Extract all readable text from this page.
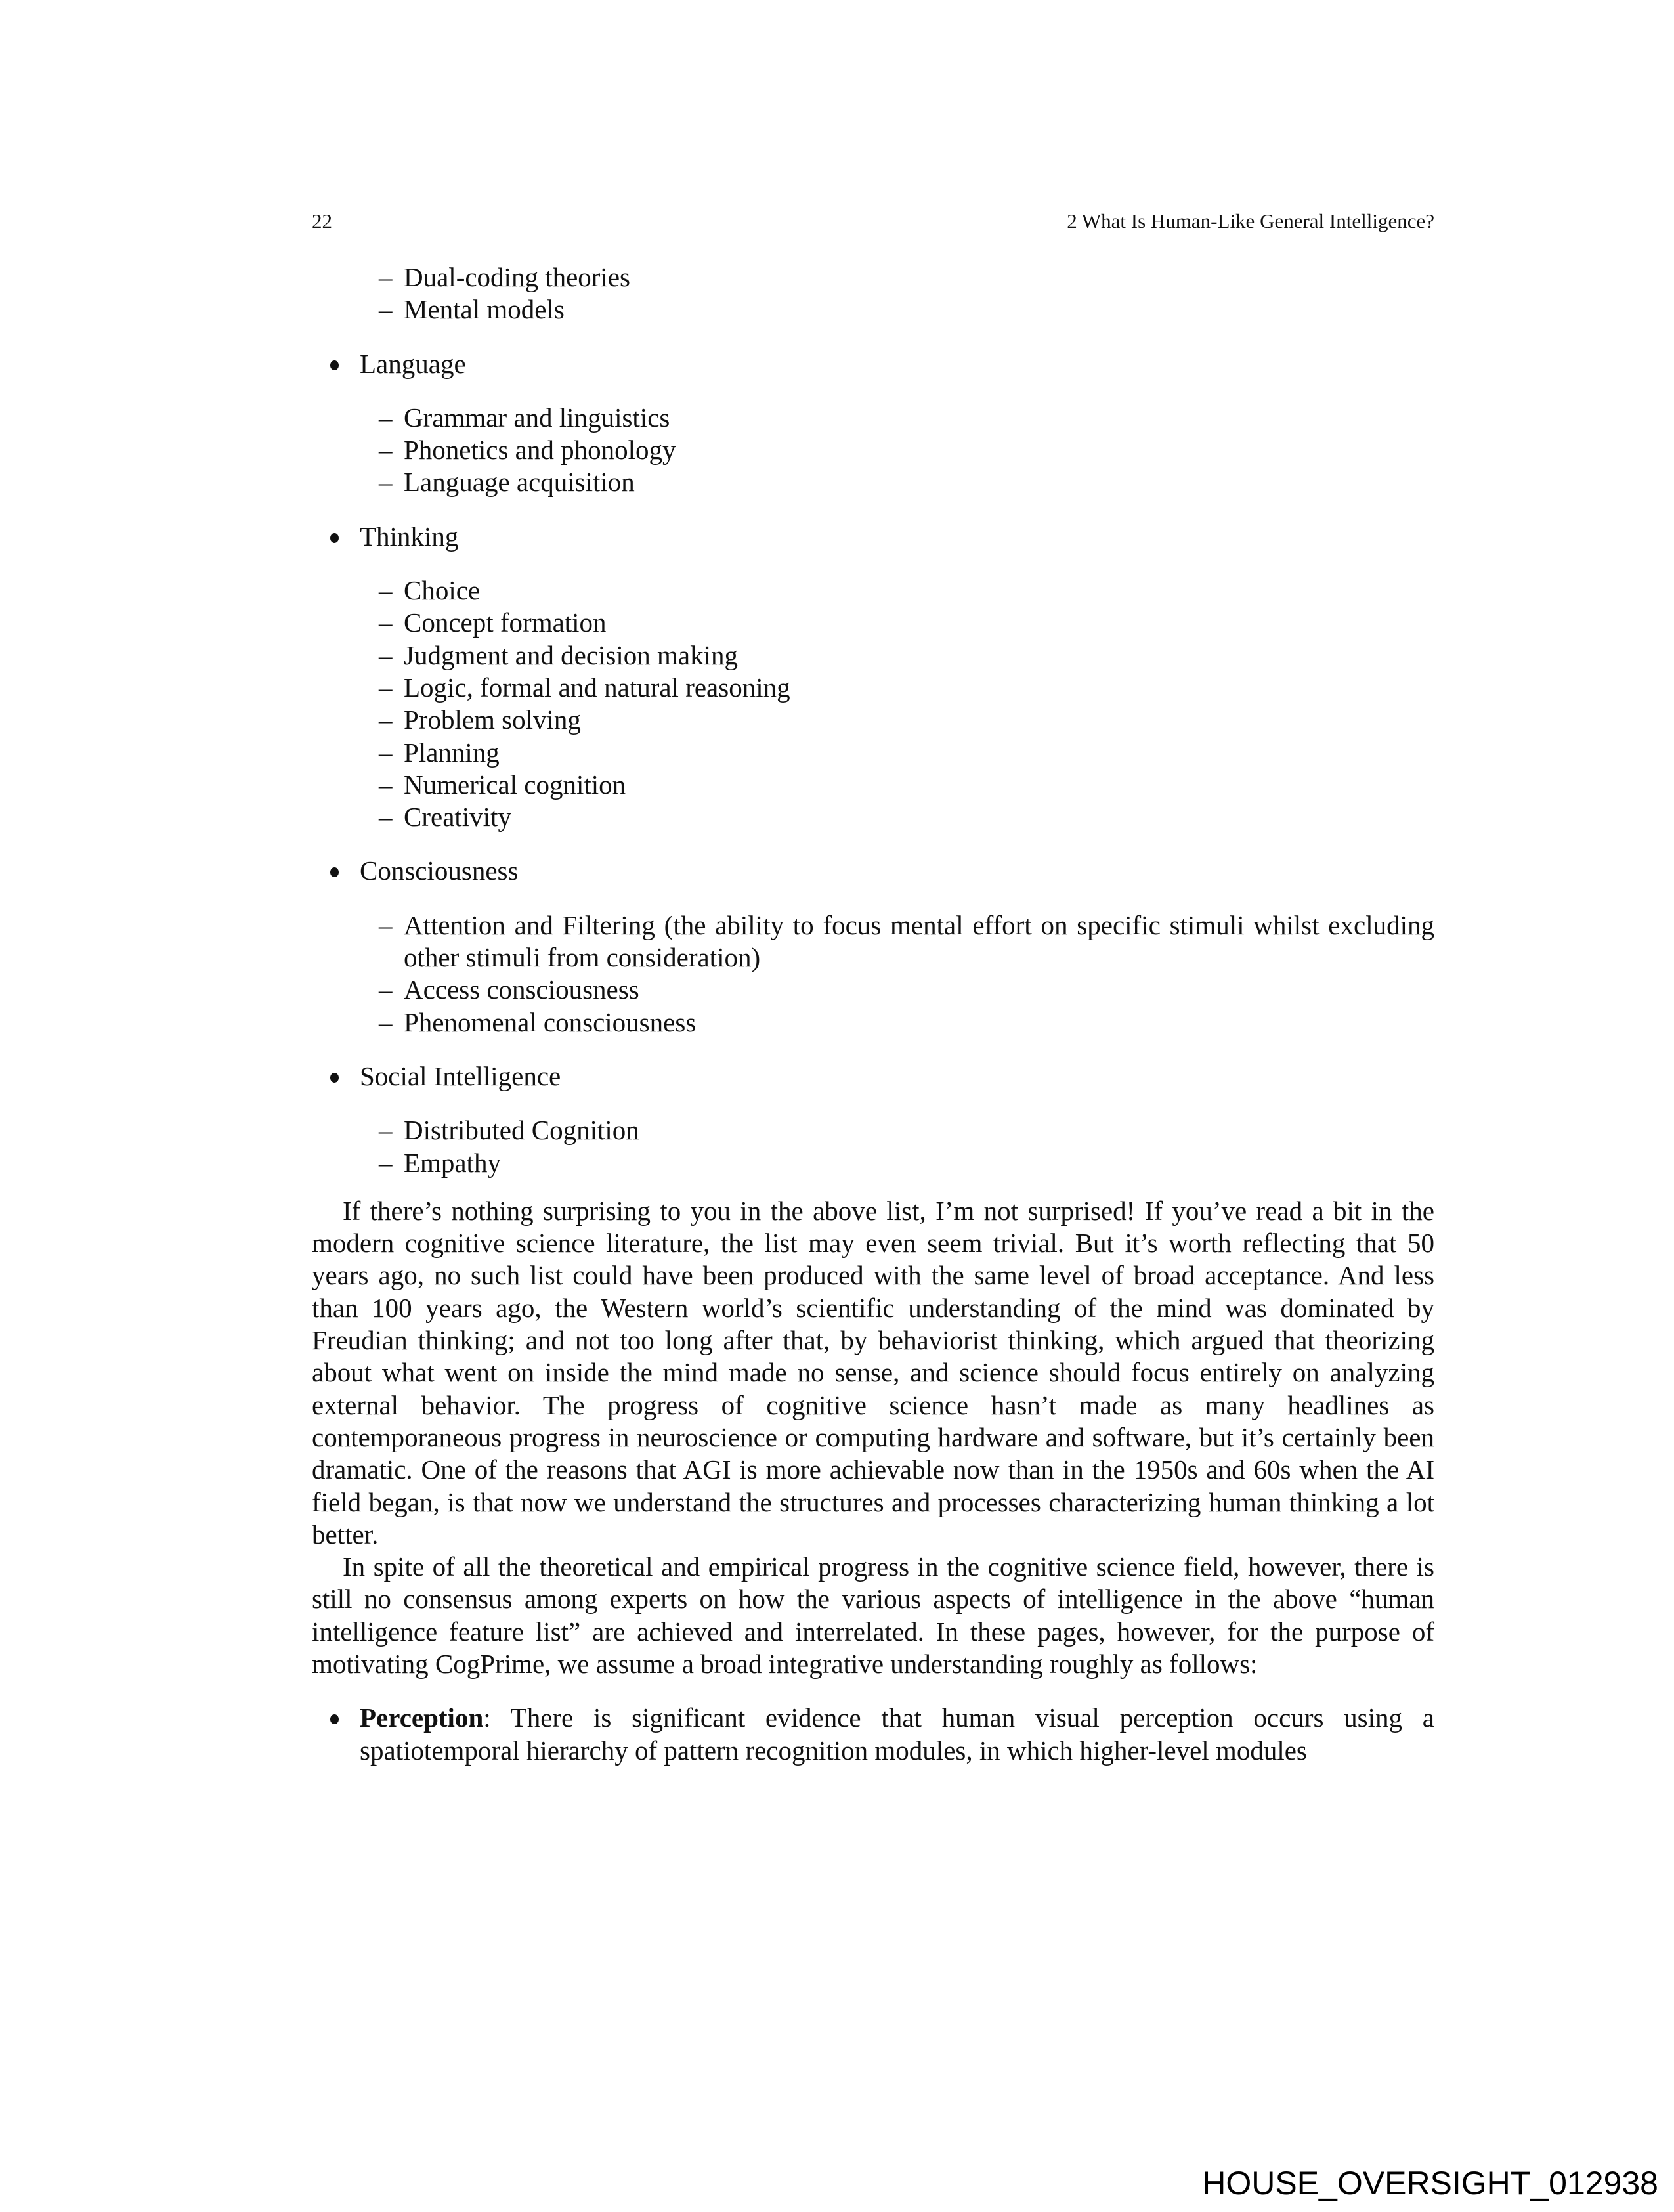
22	2 What Is Human-Like General Intelligence?
– Dual-coding theories
– Mental models
Language
– Grammar and linguistics
– Phonetics and phonology
– Language acquisition
Thinking
– Choice
– Concept formation
– Judgment and decision making
– Logic, formal and natural reasoning
– Problem solving
– Planning
– Numerical cognition
– Creativity
Consciousness
– Attention and Filtering (the ability to focus mental effort on specific stimuli whilst excluding other stimuli from consideration)
– Access consciousness
– Phenomenal consciousness
Social Intelligence
– Distributed Cognition
– Empathy

If there’s nothing surprising to you in the above list, I’m not surprised! If you’ve read a bit in the modern cognitive science literature, the list may even seem trivial. But it’s worth reflecting that 50 years ago, no such list could have been produced with the same level of broad acceptance. And less than 100 years ago, the Western world’s scientific understanding of the mind was dominated by Freudian thinking; and not too long after that, by behaviorist thinking, which argued that theorizing about what went on inside the mind made no sense, and science should focus entirely on analyzing external behavior. The progress of cognitive science hasn’t made as many headlines as contemporaneous progress in neuroscience or computing hardware and software, but it’s certainly been dramatic. One of the reasons that AGI is more achievable now than in the 1950s and 60s when the AI field began, is that now we understand the structures and processes characterizing human thinking a lot better.

In spite of all the theoretical and empirical progress in the cognitive science field, however, there is still no consensus among experts on how the various aspects of intelligence in the above “human intelligence feature list” are achieved and interrelated. In these pages, however, for the purpose of motivating CogPrime, we assume a broad integrative understanding roughly as follows:

Perception: There is significant evidence that human visual perception occurs using a spatiotemporal hierarchy of pattern recognition modules, in which higher-level modules
HOUSE_OVERSIGHT_012938
